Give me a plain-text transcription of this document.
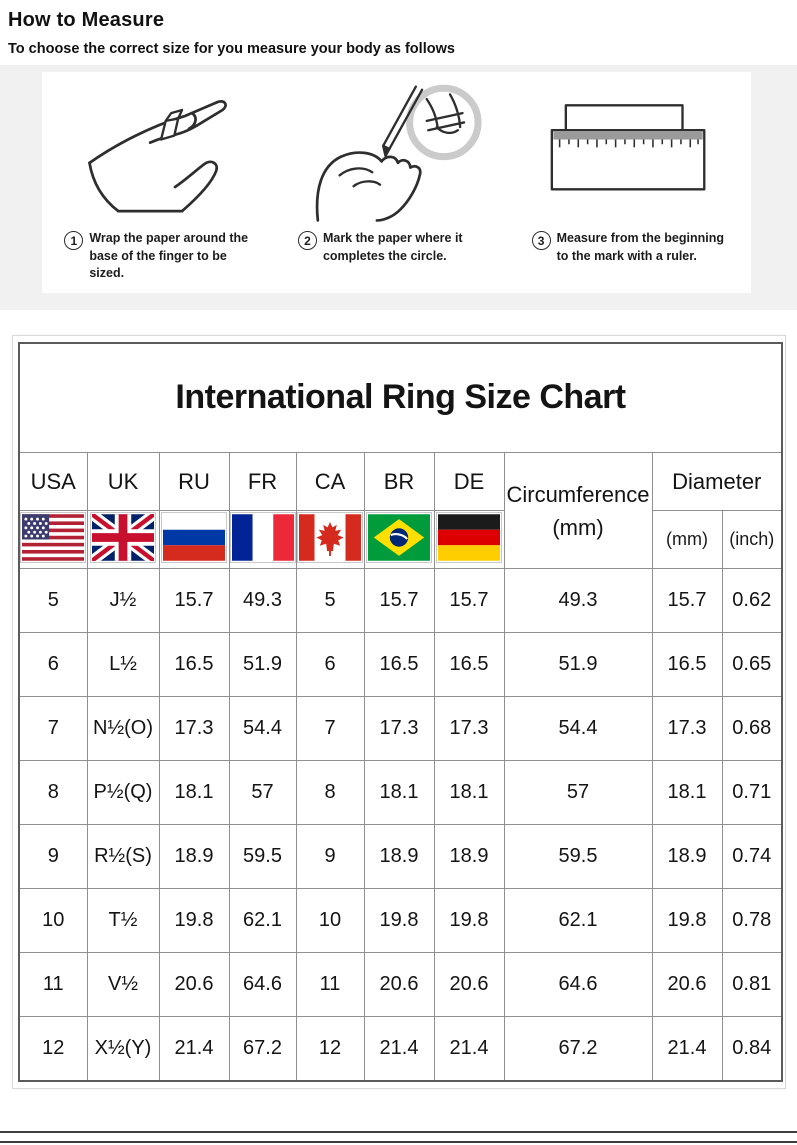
How to Measure

To choose the correct size for you measure your body as follows

1 Wrap the paper around the base of the finger to be sized.
2 Mark the paper where it completes the circle.
3 Measure from the beginning to the mark with a ruler.
International Ring Size Chart									
USA	UK	RU	FR	CA	BR	DE	Circumference
(mm)	Diameter	

	(mm)	(inch)
5	J½	15.7	49.3	5	15.7	15.7	49.3	15.7	0.62
6	L½	16.5	51.9	6	16.5	16.5	51.9	16.5	0.65
7	N½(O)	17.3	54.4	7	17.3	17.3	54.4	17.3	0.68
8	P½(Q)	18.1	57	8	18.1	18.1	57	18.1	0.71
9	R½(S)	18.9	59.5	9	18.9	18.9	59.5	18.9	0.74
10	T½	19.8	62.1	10	19.8	19.8	62.1	19.8	0.78
11	V½	20.6	64.6	11	20.6	20.6	64.6	20.6	0.81
12	X½(Y)	21.4	67.2	12	21.4	21.4	67.2	21.4	0.84
